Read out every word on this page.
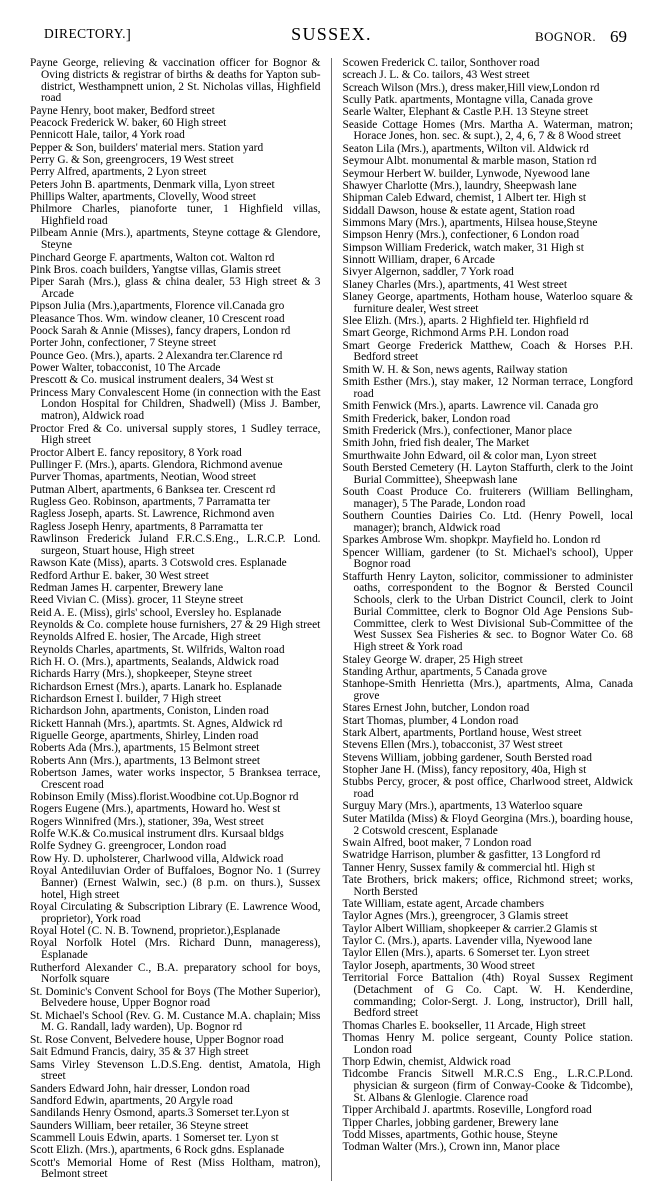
DIRECTORY.]	SUSSEX.	BOGNOR. 69

Payne George, relieving & vaccination officer for Bognor & Oving districts & registrar of births & deaths for Yapton sub-district, Westhampnett union, 2 St. Nicholas villas, Highfield road

Payne Henry, boot maker, Bedford street

Peacock Frederick W. baker, 60 High street

Pennicott Hale, tailor, 4 York road

Pepper & Son, builders' material mers. Station yard

Perry G. & Son, greengrocers, 19 West street

Perry Alfred, apartments, 2 Lyon street

Peters John B. apartments, Denmark villa, Lyon street

Phillips Walter, apartments, Clovelly, Wood street

Philmore Charles, pianoforte tuner, 1 Highfield villas, Highfield road

Pilbeam Annie (Mrs.), apartments, Steyne cottage & Glendore, Steyne

Pinchard George F. apartments, Walton cot. Walton rd

Pink Bros. coach builders, Yangtse villas, Glamis street

Piper Sarah (Mrs.), glass & china dealer, 53 High street & 3 Arcade

Pipson Julia (Mrs.),apartments, Florence vil.Canada gro

Pleasance Thos. Wm. window cleaner, 10 Crescent road

Poock Sarah & Annie (Misses), fancy drapers, London rd

Porter John, confectioner, 7 Steyne street

Pounce Geo. (Mrs.), aparts. 2 Alexandra ter.Clarence rd

Power Walter, tobacconist, 10 The Arcade

Prescott & Co. musical instrument dealers, 34 West st

Princess Mary Convalescent Home (in connection with the East London Hospital for Children, Shadwell) (Miss J. Bamber, matron), Aldwick road

Proctor Fred & Co. universal supply stores, 1 Sudley terrace, High street

Proctor Albert E. fancy repository, 8 York road

Pullinger F. (Mrs.), aparts. Glendora, Richmond avenue

Purver Thomas, apartments, Neotian, Wood street

Putman Albert, apartments, 6 Banksea ter. Crescent rd

Rugless Geo. Robinson, apartments, 7 Parramatta ter

Ragless Joseph, aparts. St. Lawrence, Richmond aven

Ragless Joseph Henry, apartments, 8 Parramatta ter

Rawlinson Frederick Juland F.R.C.S.Eng., L.R.C.P. Lond. surgeon, Stuart house, High street

Rawson Kate (Miss), aparts. 3 Cotswold cres. Esplanade

Redford Arthur E. baker, 30 West street

Redman James H. carpenter, Brewery lane

Reed Vivian C. (Miss). grocer, 11 Steyne street

Reid A. E. (Miss), girls' school, Eversley ho. Esplanade

Reynolds & Co. complete house furnishers, 27 & 29 High street

Reynolds Alfred E. hosier, The Arcade, High street

Reynolds Charles, apartments, St. Wilfrids, Walton road

Rich H. O. (Mrs.), apartments, Sealands, Aldwick road

Richards Harry (Mrs.), shopkeeper, Steyne street

Richardson Ernest (Mrs.), aparts. Lanark ho. Esplanade

Richardson Ernest I. builder, 7 High street

Richardson John, apartments, Coniston, Linden road

Rickett Hannah (Mrs.), apartmts. St. Agnes, Aldwick rd

Riguelle George, apartments, Shirley, Linden road

Roberts Ada (Mrs.), apartments, 15 Belmont street

Roberts Ann (Mrs.), apartments, 13 Belmont street

Robertson James, water works inspector, 5 Branksea terrace, Crescent road

Robinson Emily (Miss).florist.Woodbine cot.Up.Bognor rd

Rogers Eugene (Mrs.), apartments, Howard ho. West st

Rogers Winnifred (Mrs.), stationer, 39a, West street

Rolfe W.K.& Co.musical instrument dlrs. Kursaal bldgs

Rolfe Sydney G. greengrocer, London road

Row Hy. D. upholsterer, Charlwood villa, Aldwick road

Royal Antediluvian Order of Buffaloes, Bognor No. 1 (Surrey Banner) (Ernest Walwin, sec.) (8 p.m. on thurs.), Sussex hotel, High street

Royal Circulating & Subscription Library (E. Lawrence Wood, proprietor), York road

Royal Hotel (C. N. B. Townend, proprietor.),Esplanade

Royal Norfolk Hotel (Mrs. Richard Dunn, manageress), Esplanade

Rutherford Alexander C., B.A. preparatory school for boys, Norfolk square

St. Dominic's Convent School for Boys (The Mother Superior), Belvedere house, Upper Bognor road

St. Michael's School (Rev. G. M. Custance M.A. chaplain; Miss M. G. Randall, lady warden), Up. Bognor rd

St. Rose Convent, Belvedere house, Upper Bognor road

Sait Edmund Francis, dairy, 35 & 37 High street

Sams Virley Stevenson L.D.S.Eng. dentist, Amatola, High street

Sanders Edward John, hair dresser, London road

Sandford Edwin, apartments, 20 Argyle road

Sandilands Henry Osmond, aparts.3 Somerset ter.Lyon st

Saunders William, beer retailer, 36 Steyne street

Scammell Louis Edwin, aparts. 1 Somerset ter. Lyon st

Scott Elizh. (Mrs.), apartments, 6 Rock gdns. Esplanade

Scott's Memorial Home of Rest (Miss Holtham, matron), Belmont street

Scowen Frederick C. tailor, Sonthover road

screach J. L. & Co. tailors, 43 West street

Screach Wilson (Mrs.), dress maker,Hill view,London rd

Scully Patk. apartments, Montagne villa, Canada grove

Searle Walter, Elephant & Castle P.H. 13 Steyne street

Seaside Cottage Homes (Mrs. Martha A. Waterman, matron; Horace Jones, hon. sec. & supt.), 2, 4, 6, 7 & 8 Wood street

Seaton Lila (Mrs.), apartments, Wilton vil. Aldwick rd

Seymour Albt. monumental & marble mason, Station rd

Seymour Herbert W. builder, Lynwode, Nyewood lane

Shawyer Charlotte (Mrs.), laundry, Sheepwash lane

Shipman Caleb Edward, chemist, 1 Albert ter. High st

Siddall Dawson, house & estate agent, Station road

Simmons Mary (Mrs.), apartments, Hilsea house,Steyne

Simpson Henry (Mrs.), confectioner, 6 London road

Simpson William Frederick, watch maker, 31 High st

Sinnott William, draper, 6 Arcade

Sivyer Algernon, saddler, 7 York road

Slaney Charles (Mrs.), apartments, 41 West street

Slaney George, apartments, Hotham house, Waterloo square & furniture dealer, West street

Slee Elizh. (Mrs.), aparts. 2 Highfield ter. Highfield rd

Smart George, Richmond Arms P.H. London road

Smart George Frederick Matthew, Coach & Horses P.H. Bedford street

Smith W. H. & Son, news agents, Railway station

Smith Esther (Mrs.), stay maker, 12 Norman terrace, Longford road

Smith Fenwick (Mrs.), aparts. Lawrence vil. Canada gro

Smith Frederick, baker, London road

Smith Frederick (Mrs.), confectioner, Manor place

Smith John, fried fish dealer, The Market

Smurthwaite John Edward, oil & color man, Lyon street

South Bersted Cemetery (H. Layton Staffurth, clerk to the Joint Burial Committee), Sheepwash lane

South Coast Produce Co. fruiterers (William Bellingham, manager), 5 The Parade, London road

Southern Counties Dairies Co. Ltd. (Henry Powell, local manager); branch, Aldwick road

Sparkes Ambrose Wm. shopkpr. Mayfield ho. London rd

Spencer William, gardener (to St. Michael's school), Upper Bognor road

Staffurth Henry Layton, solicitor, commissioner to administer oaths, correspondent to the Bognor & Bersted Council Schools, clerk to the Urban District Council, clerk to Joint Burial Committee, clerk to Bognor Old Age Pensions Sub-Committee, clerk to West Divisional Sub-Committee of the West Sussex Sea Fisheries & sec. to Bognor Water Co. 68 High street & York road

Staley George W. draper, 25 High street

Standing Arthur, apartments, 5 Canada grove

Stanhope-Smith Henrietta (Mrs.), apartments, Alma, Canada grove

Stares Ernest John, butcher, London road

Start Thomas, plumber, 4 London road

Stark Albert, apartments, Portland house, West street

Stevens Ellen (Mrs.), tobacconist, 37 West street

Stevens William, jobbing gardener, South Bersted road

Stopher Jane H. (Miss), fancy repository, 40a, High st

Stubbs Percy, grocer, & post office, Charlwood street, Aldwick road

Surguy Mary (Mrs.), apartments, 13 Waterloo square

Suter Matilda (Miss) & Floyd Georgina (Mrs.), boarding house, 2 Cotswold crescent, Esplanade

Swain Alfred, boot maker, 7 London road

Swatridge Harrison, plumber & gasfitter, 13 Longford rd

Tanner Henry, Sussex family & commercial htl. High st

Tate Brothers, brick makers; office, Richmond street; works, North Bersted

Tate William, estate agent, Arcade chambers

Taylor Agnes (Mrs.), greengrocer, 3 Glamis street

Taylor Albert William, shopkeeper & carrier.2 Glamis st

Taylor C. (Mrs.), aparts. Lavender villa, Nyewood lane

Taylor Ellen (Mrs.), aparts. 6 Somerset ter. Lyon street

Taylor Joseph, apartments, 30 Wood street

Territorial Force Battalion (4th) Royal Sussex Regiment (Detachment of G Co. Capt. W. H. Kenderdine, commanding; Color-Sergt. J. Long, instructor), Drill hall, Bedford street

Thomas Charles E. bookseller, 11 Arcade, High street

Thomas Henry M. police sergeant, County Police station. London road

Thorp Edwin, chemist, Aldwick road

Tidcombe Francis Sitwell M.R.C.S Eng., L.R.C.P.Lond. physician & surgeon (firm of Conway-Cooke & Tidcombe), St. Albans & Glenlogie. Clarence road

Tipper Archibald J. apartmts. Roseville, Longford road

Tipper Charles, jobbing gardener, Brewery lane

Todd Misses, apartments, Gothic house, Steyne

Todman Walter (Mrs.), Crown inn, Manor place
